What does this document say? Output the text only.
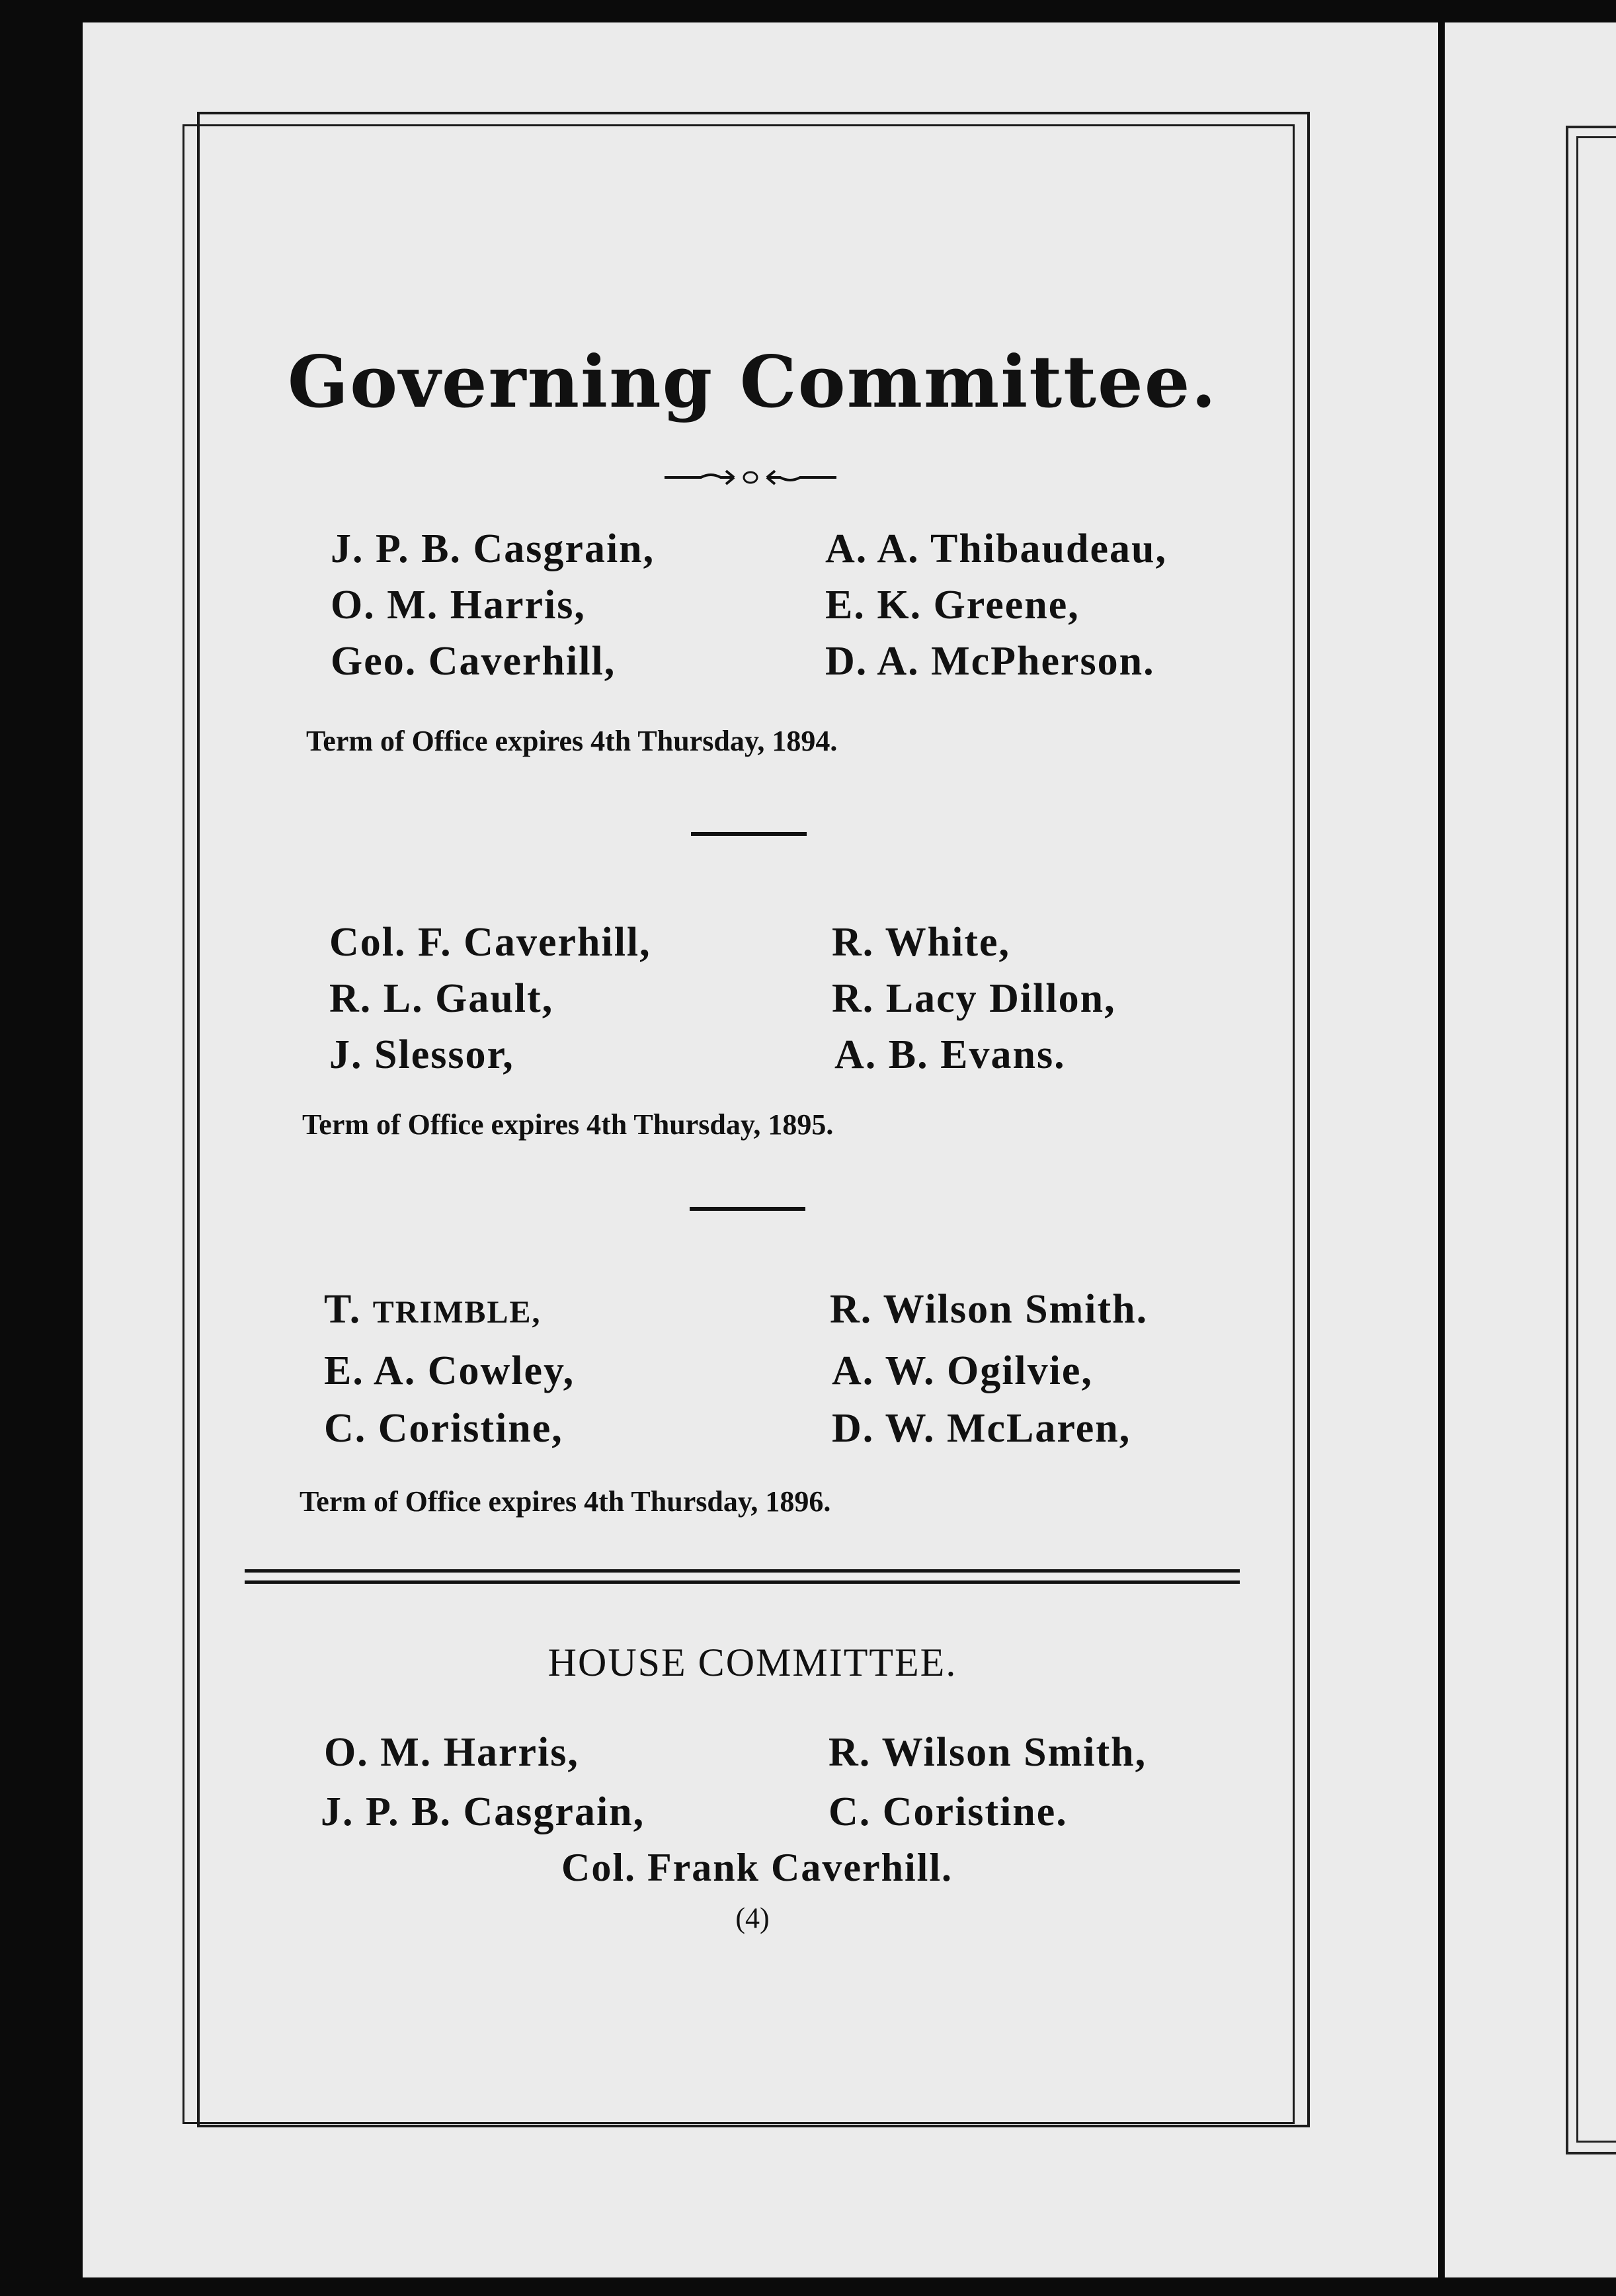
Governing Committee.
J. P. B. Casgrain,
O. M. Harris,
Geo. Caverhill,
A. A. Thibaudeau,
E. K. Greene,
D. A. McPherson.
Term of Office expires 4th Thursday, 1894.
Col. F. Caverhill,
R. L. Gault,
J. Slessor,
R. White,
R. Lacy Dillon,
A. B. Evans.
Term of Office expires 4th Thursday, 1895.
T. TRIMBLE,
E. A. Cowley,
C. Coristine,
R. Wilson Smith.
A. W. Ogilvie,
D. W. McLaren,
Term of Office expires 4th Thursday, 1896.
HOUSE COMMITTEE.
O. M. Harris,
J. P. B. Casgrain,
R. Wilson Smith,
C. Coristine.
Col. Frank Caverhill.
(4)
